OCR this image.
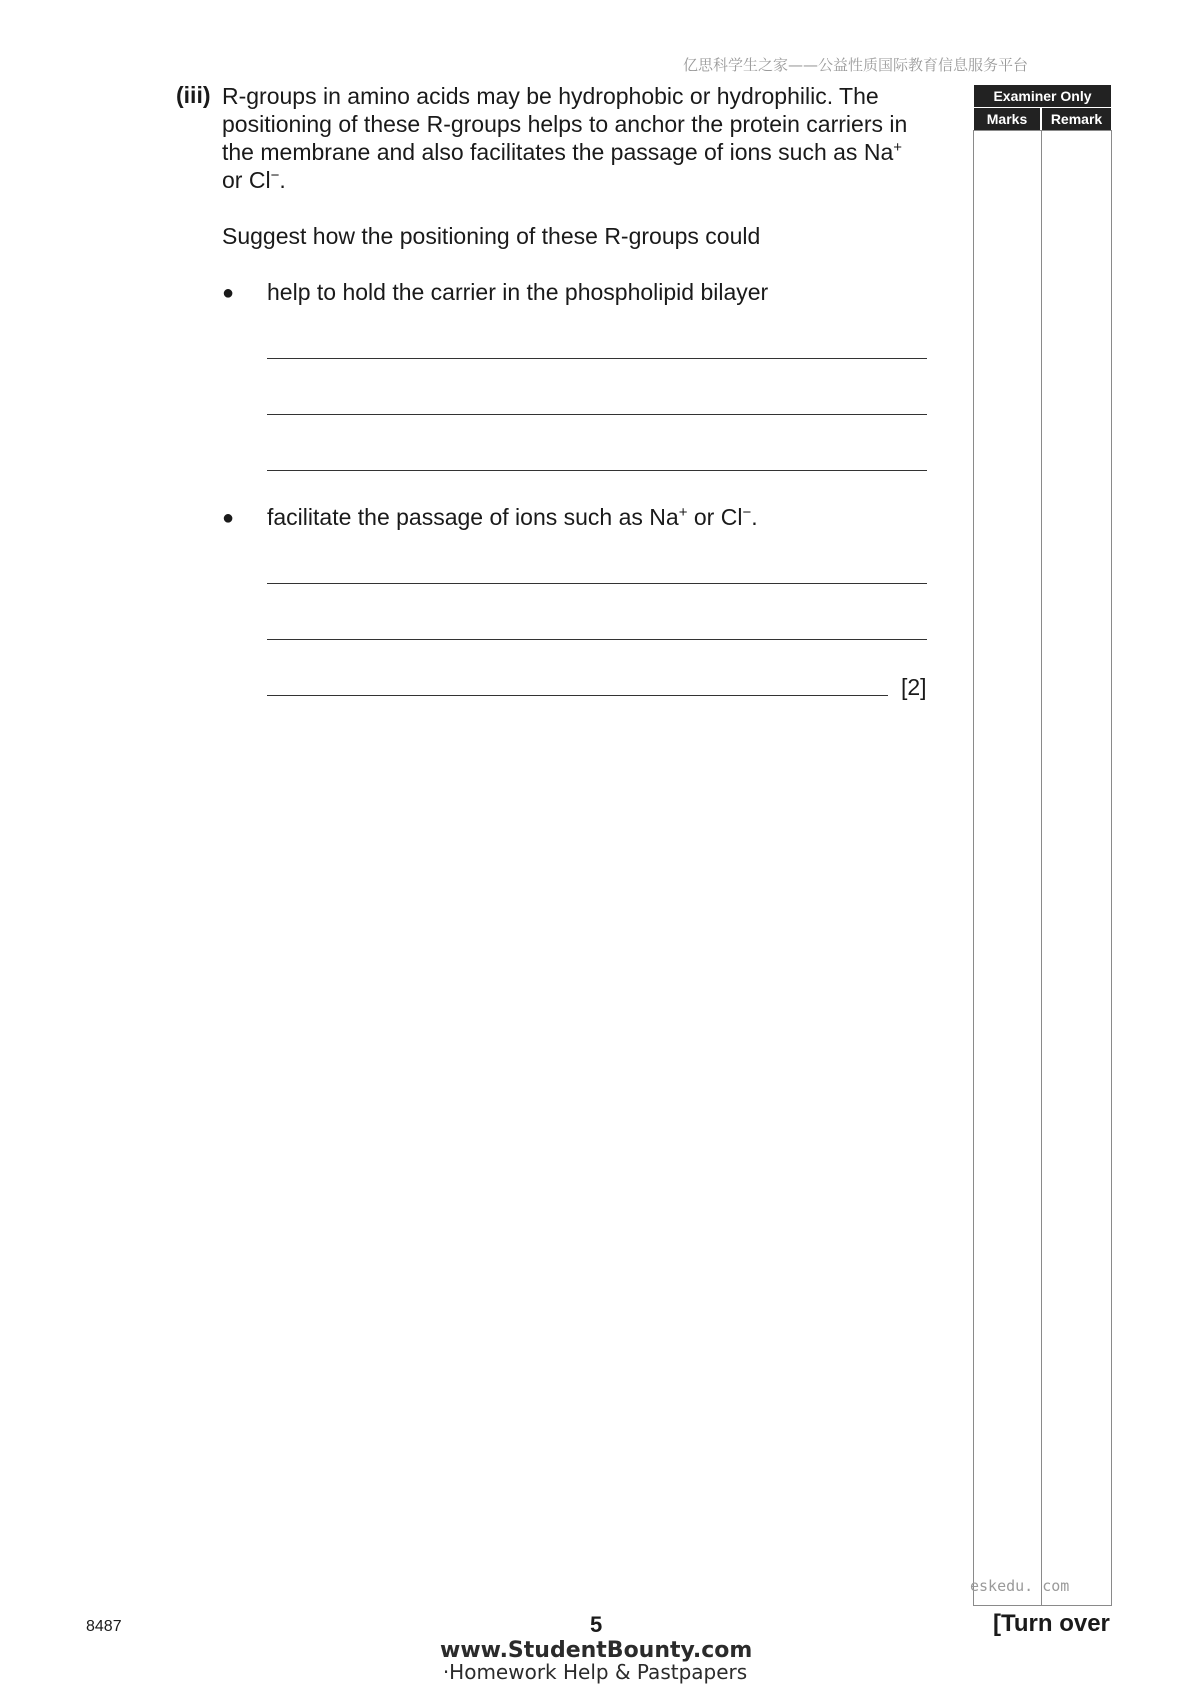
亿思科学生之家——公益性质国际教育信息服务平台
(iii) R-groups in amino acids may be hydrophobic or hydrophilic. The positioning of these R-groups helps to anchor the protein carriers in the membrane and also facilitates the passage of ions such as Na+ or Cl−.
Suggest how the positioning of these R-groups could
● help to hold the carrier in the phospholipid bilayer
● facilitate the passage of ions such as Na+ or Cl−.
[2]
Examiner Only
Marks	Remark
eskedu. com
8487	5	[Turn over
www.StudentBounty.com
·Homework Help & Pastpapers
